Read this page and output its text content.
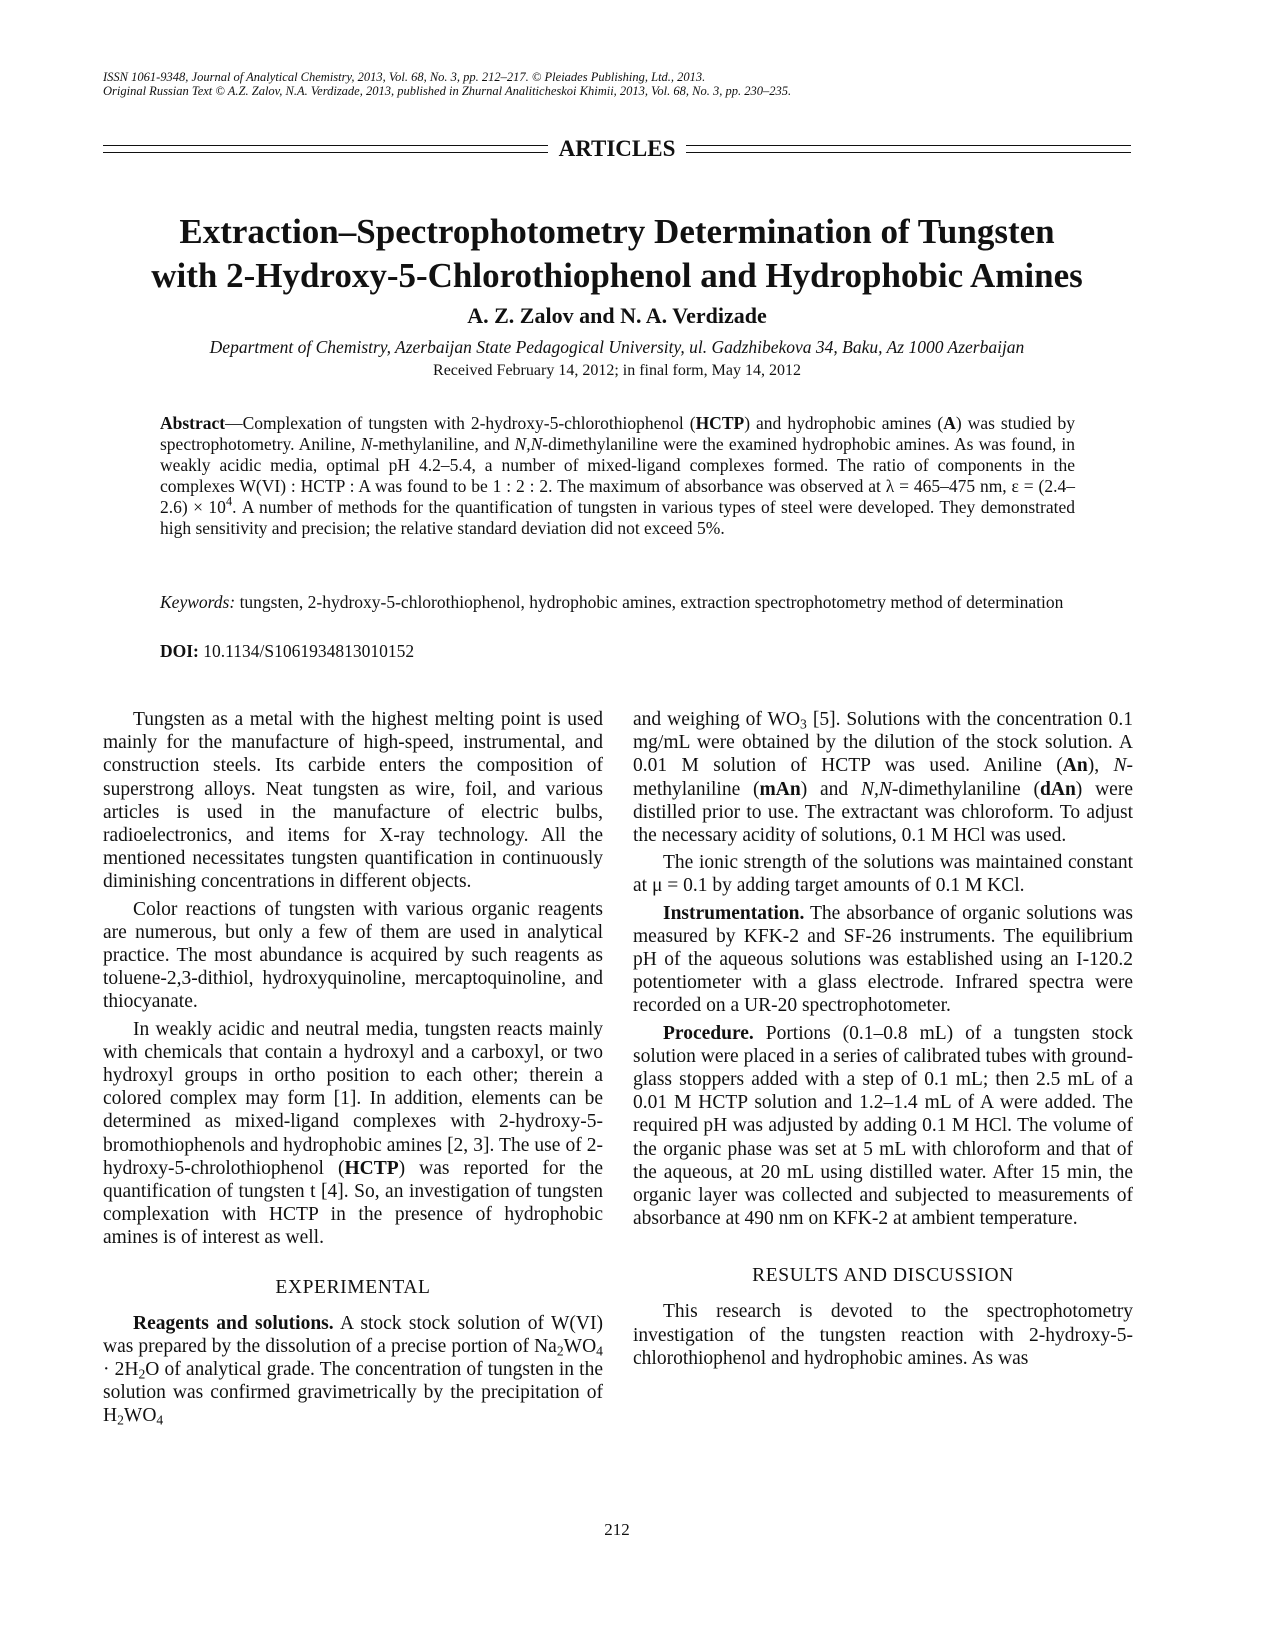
ISSN 1061-9348, Journal of Analytical Chemistry, 2013, Vol. 68, No. 3, pp. 212–217. © Pleiades Publishing, Ltd., 2013.
Original Russian Text © A.Z. Zalov, N.A. Verdizade, 2013, published in Zhurnal Analiticheskoi Khimii, 2013, Vol. 68, No. 3, pp. 230–235.
ARTICLES
Extraction–Spectrophotometry Determination of Tungsten
with 2-Hydroxy-5-Chlorothiophenol and Hydrophobic Amines
A. Z. Zalov and N. A. Verdizade
Department of Chemistry, Azerbaijan State Pedagogical University, ul. Gadzhibekova 34, Baku, Az 1000 Azerbaijan
Received February 14, 2012; in final form, May 14, 2012
Abstract—Complexation of tungsten with 2-hydroxy-5-chlorothiophenol (HCTP) and hydrophobic amines (A) was studied by spectrophotometry. Aniline, N-methylaniline, and N,N-dimethylaniline were the examined hydrophobic amines. As was found, in weakly acidic media, optimal pH 4.2–5.4, a number of mixed-ligand complexes formed. The ratio of components in the complexes W(VI) : HCTP : A was found to be 1 : 2 : 2. The maximum of absorbance was observed at λ = 465–475 nm, $\varepsilon = (2.4-2.6) \times 10^4$. A number of methods for the quantification of tungsten in various types of steel were developed. They demonstrated high sensitivity and precision; the relative standard deviation did not exceed 5%.
Keywords: tungsten, 2-hydroxy-5-chlorothiophenol, hydrophobic amines, extraction spectrophotometry method of determination
DOI: 10.1134/S1061934813010152

Tungsten as a metal with the highest melting point is used mainly for the manufacture of high-speed, instrumental, and construction steels. Its carbide enters the composition of superstrong alloys. Neat tungsten as wire, foil, and various articles is used in the manufacture of electric bulbs, radioelectronics, and items for X-ray technology. All the mentioned necessitates tungsten quantification in continuously diminishing concentrations in different objects.

Color reactions of tungsten with various organic reagents are numerous, but only a few of them are used in analytical practice. The most abundance is acquired by such reagents as toluene-2,3-dithiol, hydroxyquinoline, mercaptoquinoline, and thiocyanate.

In weakly acidic and neutral media, tungsten reacts mainly with chemicals that contain a hydroxyl and a carboxyl, or two hydroxyl groups in ortho position to each other; therein a colored complex may form [1]. In addition, elements can be determined as mixed-ligand complexes with 2-hydroxy-5-bromothiophenols and hydrophobic amines [2, 3]. The use of 2-hydroxy-5-chrolothiophenol (HCTP) was reported for the quantification of tungsten t [4]. So, an investigation of tungsten complexation with HCTP in the presence of hydrophobic amines is of interest as well.

EXPERIMENTAL

Reagents and solutions. A stock stock solution of W(VI) was prepared by the dissolution of a precise portion of $Na_2WO_4 \cdot 2H_2O$ of analytical grade. The concentration of tungsten in the solution was confirmed gravimetrically by the precipitation of $H_2WO_4$

and weighing of $WO_3$ [5]. Solutions with the concentration 0.1 mg/mL were obtained by the dilution of the stock solution. A 0.01 M solution of HCTP was used. Aniline (An), N-methylaniline (mAn) and N,N-dimethylaniline (dAn) were distilled prior to use. The extractant was chloroform. To adjust the necessary acidity of solutions, 0.1 M HCl was used.

The ionic strength of the solutions was maintained constant at μ = 0.1 by adding target amounts of 0.1 M KCl.

Instrumentation. The absorbance of organic solutions was measured by KFK-2 and SF-26 instruments. The equilibrium pH of the aqueous solutions was established using an I-120.2 potentiometer with a glass electrode. Infrared spectra were recorded on a UR-20 spectrophotometer.

Procedure. Portions (0.1–0.8 mL) of a tungsten stock solution were placed in a series of calibrated tubes with ground-glass stoppers added with a step of 0.1 mL; then 2.5 mL of a 0.01 M HCTP solution and 1.2–1.4 mL of A were added. The required pH was adjusted by adding 0.1 M HCl. The volume of the organic phase was set at 5 mL with chloroform and that of the aqueous, at 20 mL using distilled water. After 15 min, the organic layer was collected and subjected to measurements of absorbance at 490 nm on KFK-2 at ambient temperature.

RESULTS AND DISCUSSION

This research is devoted to the spectrophotometry investigation of the tungsten reaction with 2-hydroxy-5-chlorothiophenol and hydrophobic amines. As was

212
